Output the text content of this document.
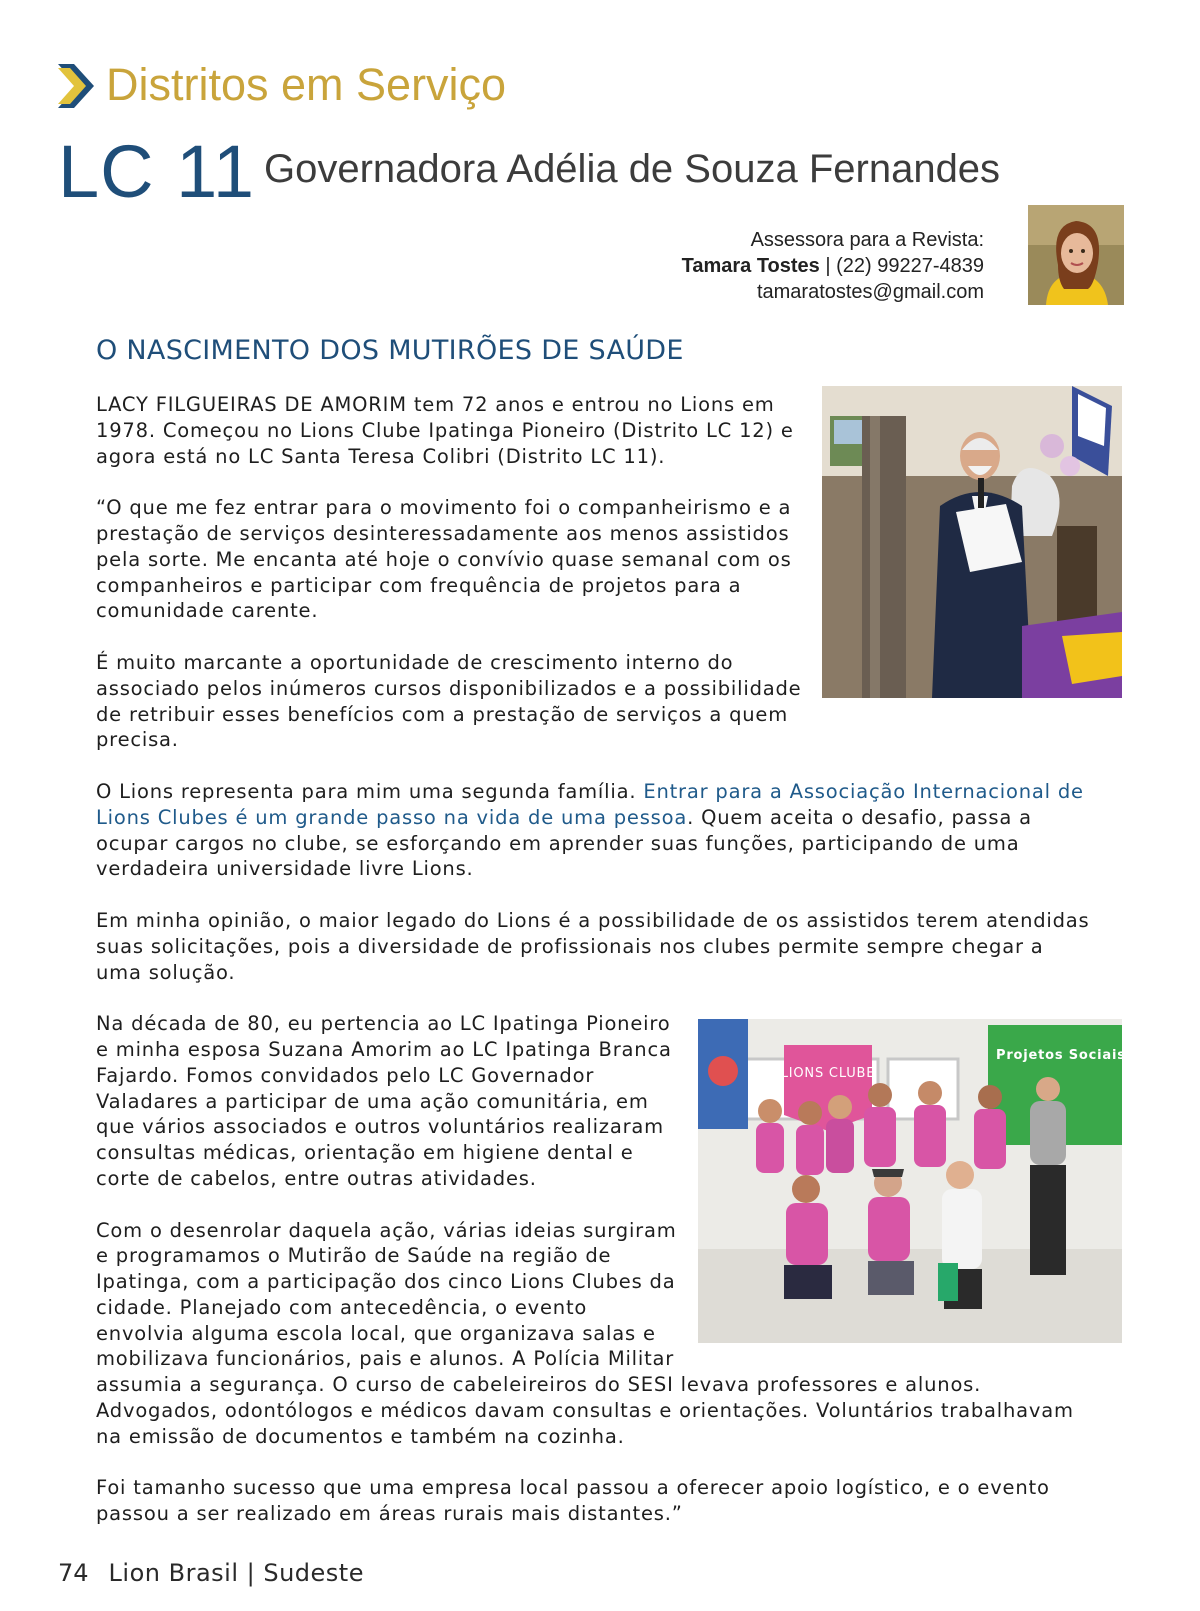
Distritos em Serviço
LC 11 Governadora Adélia de Souza Fernandes
Assessora para a Revista:
Tamara Tostes | (22) 99227-4839
tamaratostes@gmail.com
O NASCIMENTO DOS MUTIRÕES DE SAÚDE

LACY FILGUEIRAS DE AMORIM tem 72 anos e entrou no Lions em 1978. Começou no Lions Clube Ipatinga Pioneiro (Distrito LC 12) e agora está no LC Santa Teresa Colibri (Distrito LC 11).

“O que me fez entrar para o movimento foi o companheirismo e a prestação de serviços desinteressadamente aos menos assistidos pela sorte. Me encanta até hoje o convívio quase semanal com os companheiros e participar com frequência de projetos para a comunidade carente.

É muito marcante a oportunidade de crescimento interno do associado pelos inúmeros cursos disponibilizados e a possibilidade de retribuir esses benefícios com a prestação de serviços a quem precisa.

O Lions representa para mim uma segunda família. Entrar para a Associação Internacional de Lions Clubes é um grande passo na vida de uma pessoa. Quem aceita o desafio, passa a ocupar cargos no clube, se esforçando em aprender suas funções, participando de uma verdadeira universidade livre Lions.

Em minha opinião, o maior legado do Lions é a possibilidade de os assistidos terem atendidas suas solicitações, pois a diversidade de profissionais nos clubes permite sempre chegar a uma solução.

LIONS CLUBE
Projetos Sociais Sicoob

Na década de 80, eu pertencia ao LC Ipatinga Pioneiro e minha esposa Suzana Amorim ao LC Ipatinga Branca Fajardo. Fomos convidados pelo LC Governador Valadares a participar de uma ação comunitária, em que vários associados e outros voluntários realizaram consultas médicas, orientação em higiene dental e corte de cabelos, entre outras atividades.

Com o desenrolar daquela ação, várias ideias surgiram e programamos o Mutirão de Saúde na região de Ipatinga, com a participação dos cinco Lions Clubes da cidade. Planejado com antecedência, o evento envolvia alguma escola local, que organizava salas e mobilizava funcionários, pais e alunos. A Polícia Militar assumia a segurança. O curso de cabeleireiros do SESI levava professores e alunos. Advogados, odontólogos e médicos davam consultas e orientações. Voluntários trabalhavam na emissão de documentos e também na cozinha.

Foi tamanho sucesso que uma empresa local passou a oferecer apoio logístico, e o evento passou a ser realizado em áreas rurais mais distantes.”

74 Lion Brasil | Sudeste
